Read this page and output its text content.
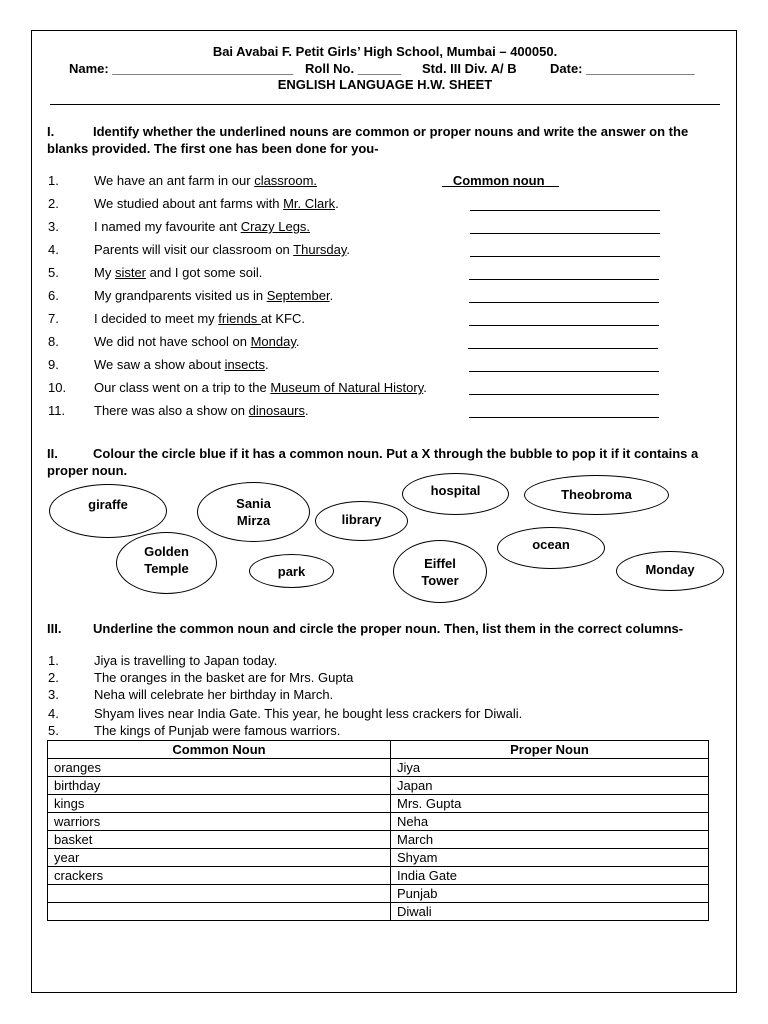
Bai Avabai F. Petit Girls’ High School, Mumbai – 400050.
Name: _________________________ Roll No. ______ Std. III Div. A/ B	Date: _______________
ENGLISH LANGUAGE H.W. SHEET
I.	Identify whether the underlined nouns are common or proper nouns and write the answer on the blanks provided. The first one has been done for you-
1.	We have an ant farm in our classroom.	Common noun
2.	We studied about ant farms with Mr. Clark.
3.	I named my favourite ant Crazy Legs.
4.	Parents will visit our classroom on Thursday.
5.	My sister and I got some soil.
6.	My grandparents visited us in September.
7.	I decided to meet my friends at KFC.
8.	We did not have school on Monday.
9.	We saw a show about insects.
10. Our class went on a trip to the Museum of Natural History.
11. There was also a show on dinosaurs.
II.	Colour the circle blue if it has a common noun. Put a X through the bubble to pop it if it contains a proper noun.
giraffe	Sania
Mirza	library
hospital	Theobroma
Golden
Temple	park
Eiffel
Tower
ocean
Monday
III. Underline the common noun and circle the proper noun. Then, list them in the correct columns-
1.	Jiya is travelling to Japan today.
2.	The oranges in the basket are for Mrs. Gupta
3.	Neha will celebrate her birthday in March.
4.	Shyam lives near India Gate. This year, he bought less crackers for Diwali.
5.	The kings of Punjab were famous warriors.
Common Noun	Proper Noun
oranges	Jiya
birthday	Japan
kings	Mrs. Gupta
warriors	Neha
basket	March
year	Shyam
crackers	India Gate
	Punjab
	Diwali
